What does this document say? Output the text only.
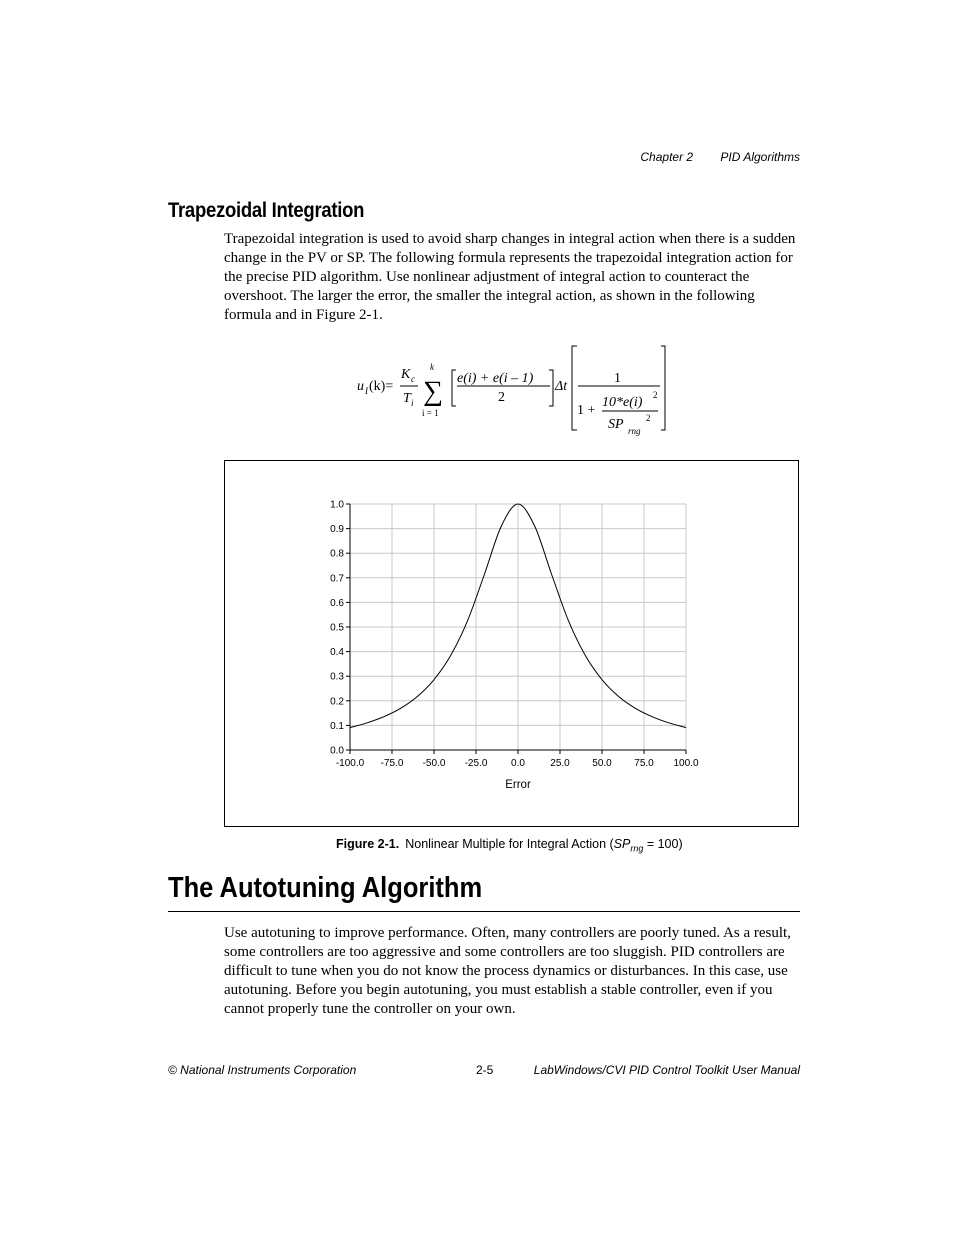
Chapter 2 PID Algorithms
Trapezoidal Integration
Trapezoidal integration is used to avoid sharp changes in integral action when there is a sudden change in the PV or SP. The following formula represents the trapezoidal integration action for the precise PID algorithm. Use nonlinear adjustment of integral action to counteract the overshoot. The larger the error, the smaller the integral action, as shown in the following formula and in Figure 2-1.
u I (k)=
K c
T i
k
∑
i = 1
e(i) + e(i – 1)
2
Δt
1
1 +
10*e(i) 2
SP rng
2
-100.0 -75.0 -50.0 -25.0 0.0	25.0 50.0 75.0 100.0
0.0
0.1
0.2
0.3
0.4
0.5
0.6
0.7
0.8
0.9
1.0
Error
Figure 2-1. Nonlinear Multiple for Integral Action $(SP_{rng} = 100)$
The Autotuning Algorithm
Use autotuning to improve performance. Often, many controllers are poorly tuned. As a result, some controllers are too aggressive and some controllers are too sluggish. PID controllers are difficult to tune when you do not know the process dynamics or disturbances. In this case, use autotuning. Before you begin autotuning, you must establish a stable controller, even if you cannot properly tune the controller on your own.
© National Instruments Corporation	2-5	LabWindows/CVI PID Control Toolkit User Manual
